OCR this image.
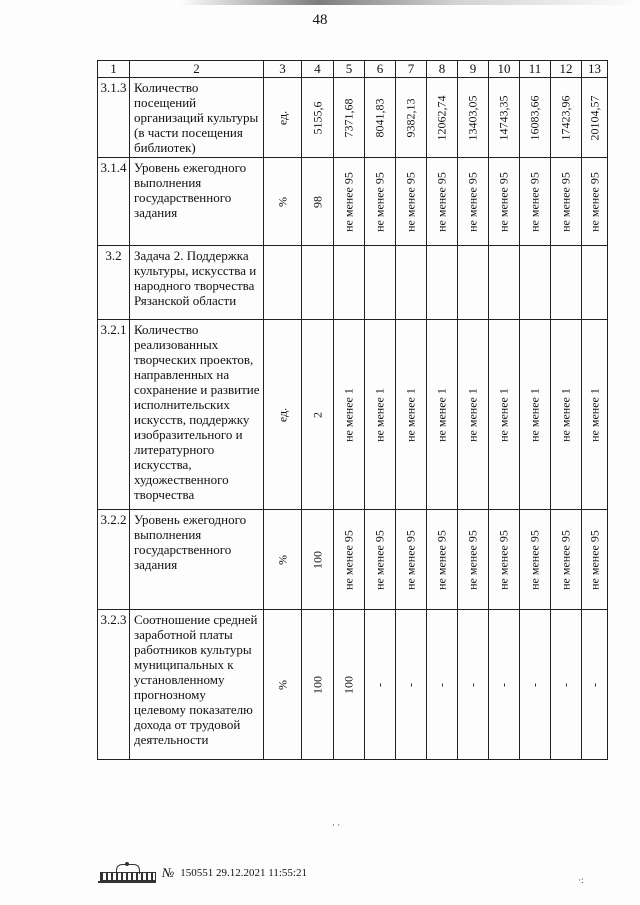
48
1	2	3	4	5	6	7	8	9	10	11	12	13
3.1.3	Количество посещений организаций культуры (в части посещения библиотек)	ед.	5155,6	7371,68	8041,83	9382,13	12062,74	13403,05	14743,35	16083,66	17423,96	20104,57

3.1.4	Уровень ежегодного выполнения государственного задания	%	98	не менее 95	не менее 95	не менее 95	не менее 95	не менее 95	не менее 95	не менее 95	не менее 95	не менее 95

3.2	Задача 2. Поддержка культуры, искусства и народного творчества Рязанской области	

3.2.1	Количество реализованных творческих проектов, направленных на сохранение и развитие исполнительских искусств, поддержку изобразительного и литературного искусства, художественного творчества	ед.	2	не менее 1	не менее 1	не менее 1	не менее 1	не менее 1	не менее 1	не менее 1	не менее 1	не менее 1

3.2.2	Уровень ежегодного выполнения государственного задания	%	100	не менее 95	не менее 95	не менее 95	не менее 95	не менее 95	не менее 95	не менее 95	не менее 95	не менее 95

3.2.3	Соотношение средней заработной платы работников культуры муниципальных к установленному прогнозному целевому показателю дохода от трудовой деятельности	%	100	100	-	-	-	-	-	-	-	-
№ 150551 29.12.2021 11:55:21
· ·
·:
